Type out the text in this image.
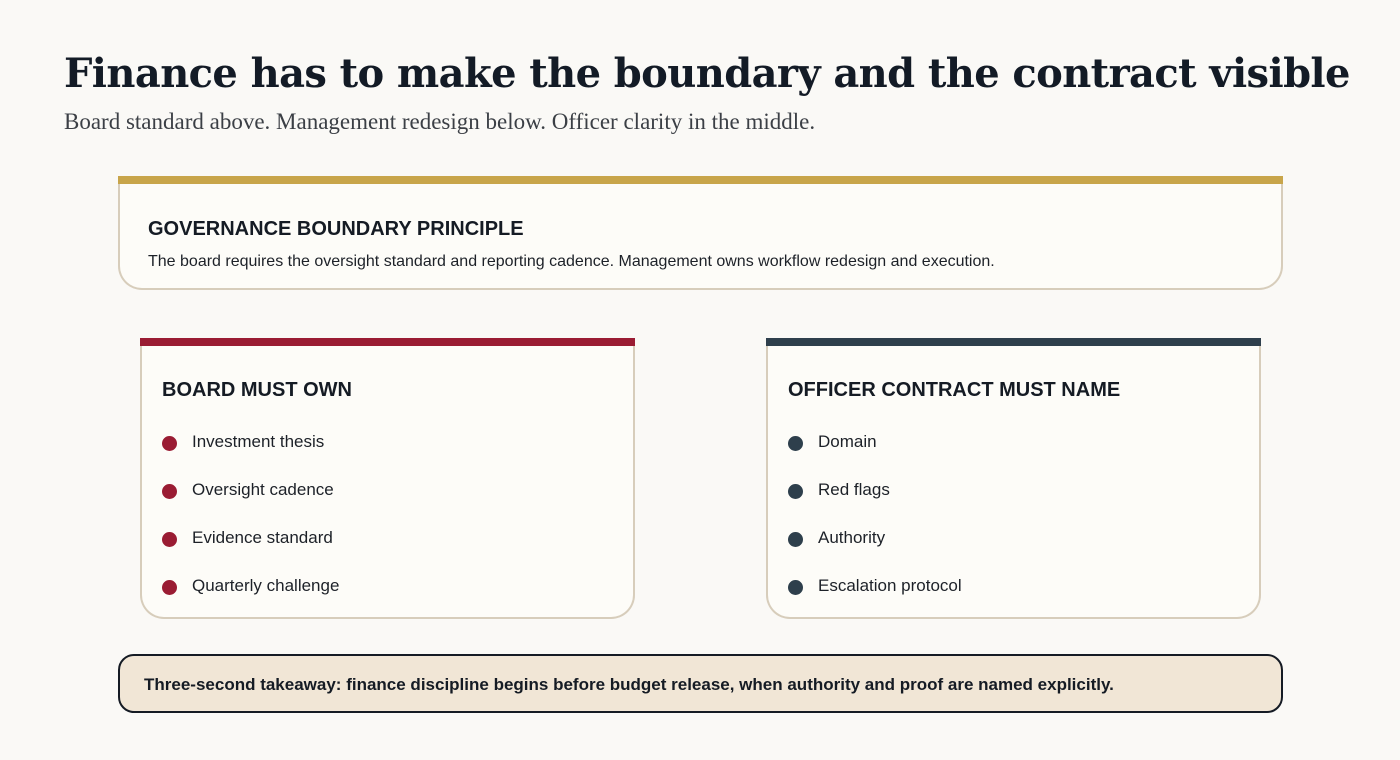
Finance has to make the boundary and the contract visible

Board standard above. Management redesign below. Officer clarity in the middle.

GOVERNANCE BOUNDARY PRINCIPLE
The board requires the oversight standard and reporting cadence. Management owns workflow redesign and execution.
BOARD MUST OWN
Investment thesis
Oversight cadence
Evidence standard
Quarterly challenge
OFFICER CONTRACT MUST NAME
Domain
Red flags
Authority
Escalation protocol
Three-second takeaway: finance discipline begins before budget release, when authority and proof are named explicitly.
